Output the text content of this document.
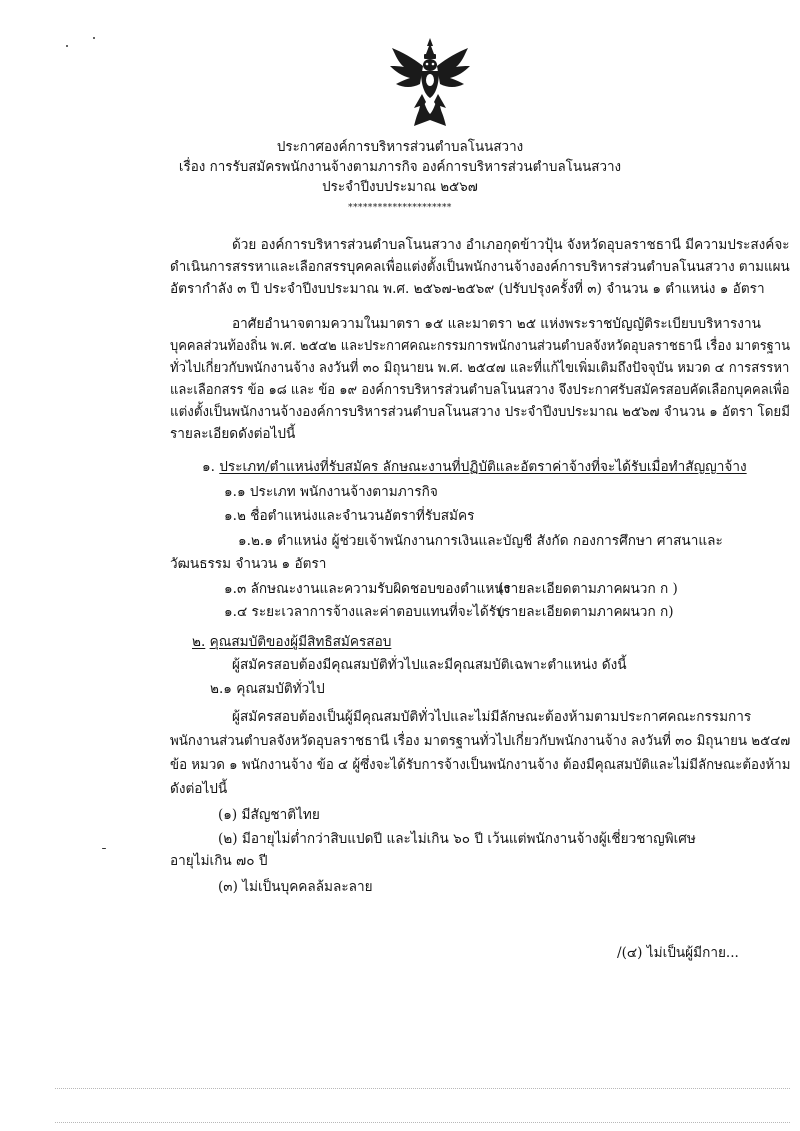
ประกาศองค์การบริหารส่วนตำบลโนนสวาง
เรื่อง การรับสมัครพนักงานจ้างตามภารกิจ องค์การบริหารส่วนตำบลโนนสวาง
ประจำปีงบประมาณ ๒๕๖๗
*********************
ด้วย องค์การบริหารส่วนตำบลโนนสวาง อำเภอกุดข้าวปุ้น จังหวัดอุบลราชธานี มีความประสงค์จะ
ดำเนินการสรรหาและเลือกสรรบุคคลเพื่อแต่งตั้งเป็นพนักงานจ้างองค์การบริหารส่วนตำบลโนนสวาง ตามแผน
อัตรากำลัง ๓ ปี ประจำปีงบประมาณ พ.ศ. ๒๕๖๗-๒๕๖๙ (ปรับปรุงครั้งที่ ๓) จำนวน ๑ ตำแหน่ง ๑ อัตรา
อาศัยอำนาจตามความในมาตรา ๑๕ และมาตรา ๒๕ แห่งพระราชบัญญัติระเบียบบริหารงาน
บุคคลส่วนท้องถิ่น พ.ศ. ๒๕๔๒ และประกาศคณะกรรมการพนักงานส่วนตำบลจังหวัดอุบลราชธานี เรื่อง มาตรฐาน
ทั่วไปเกี่ยวกับพนักงานจ้าง ลงวันที่ ๓๐ มิถุนายน พ.ศ. ๒๕๔๗ และที่แก้ไขเพิ่มเติมถึงปัจจุบัน หมวด ๔ การสรรหา
และเลือกสรร ข้อ ๑๘ และ ข้อ ๑๙ องค์การบริหารส่วนตำบลโนนสวาง จึงประกาศรับสมัครสอบคัดเลือกบุคคลเพื่อ
แต่งตั้งเป็นพนักงานจ้างองค์การบริหารส่วนตำบลโนนสวาง ประจำปีงบประมาณ ๒๕๖๗ จำนวน ๑ อัตรา โดยมี
รายละเอียดดังต่อไปนี้
๑. ประเภท/ตำแหน่งที่รับสมัคร ลักษณะงานที่ปฏิบัติและอัตราค่าจ้างที่จะได้รับเมื่อทำสัญญาจ้าง
๑.๑ ประเภท พนักงานจ้างตามภารกิจ
๑.๒ ชื่อตำแหน่งและจำนวนอัตราที่รับสมัคร
๑.๒.๑ ตำแหน่ง ผู้ช่วยเจ้าพนักงานการเงินและบัญชี สังกัด กองการศึกษา ศาสนาและ
วัฒนธรรม จำนวน ๑ อัตรา
๑.๓ ลักษณะงานและความรับผิดชอบของตำแหน่ง
(รายละเอียดตามภาคผนวก ก )
๑.๔ ระยะเวลาการจ้างและค่าตอบแทนที่จะได้รับ
(รายละเอียดตามภาคผนวก ก)
๒. คุณสมบัติของผู้มีสิทธิสมัครสอบ
ผู้สมัครสอบต้องมีคุณสมบัติทั่วไปและมีคุณสมบัติเฉพาะตำแหน่ง ดังนี้
๒.๑ คุณสมบัติทั่วไป
ผู้สมัครสอบต้องเป็นผู้มีคุณสมบัติทั่วไปและไม่มีลักษณะต้องห้ามตามประกาศคณะกรรมการ
พนักงานส่วนตำบลจังหวัดอุบลราชธานี เรื่อง มาตรฐานทั่วไปเกี่ยวกับพนักงานจ้าง ลงวันที่ ๓๐ มิถุนายน ๒๕๔๗
ข้อ หมวด ๑ พนักงานจ้าง ข้อ ๔ ผู้ซึ่งจะได้รับการจ้างเป็นพนักงานจ้าง ต้องมีคุณสมบัติและไม่มีลักษณะต้องห้าม
ดังต่อไปนี้
(๑) มีสัญชาติไทย
(๒) มีอายุไม่ต่ำกว่าสิบแปดปี และไม่เกิน ๖๐ ปี เว้นแต่พนักงานจ้างผู้เชี่ยวชาญพิเศษ
อายุไม่เกิน ๗๐ ปี
(๓) ไม่เป็นบุคคลล้มละลาย
/(๔) ไม่เป็นผู้มีกาย...
